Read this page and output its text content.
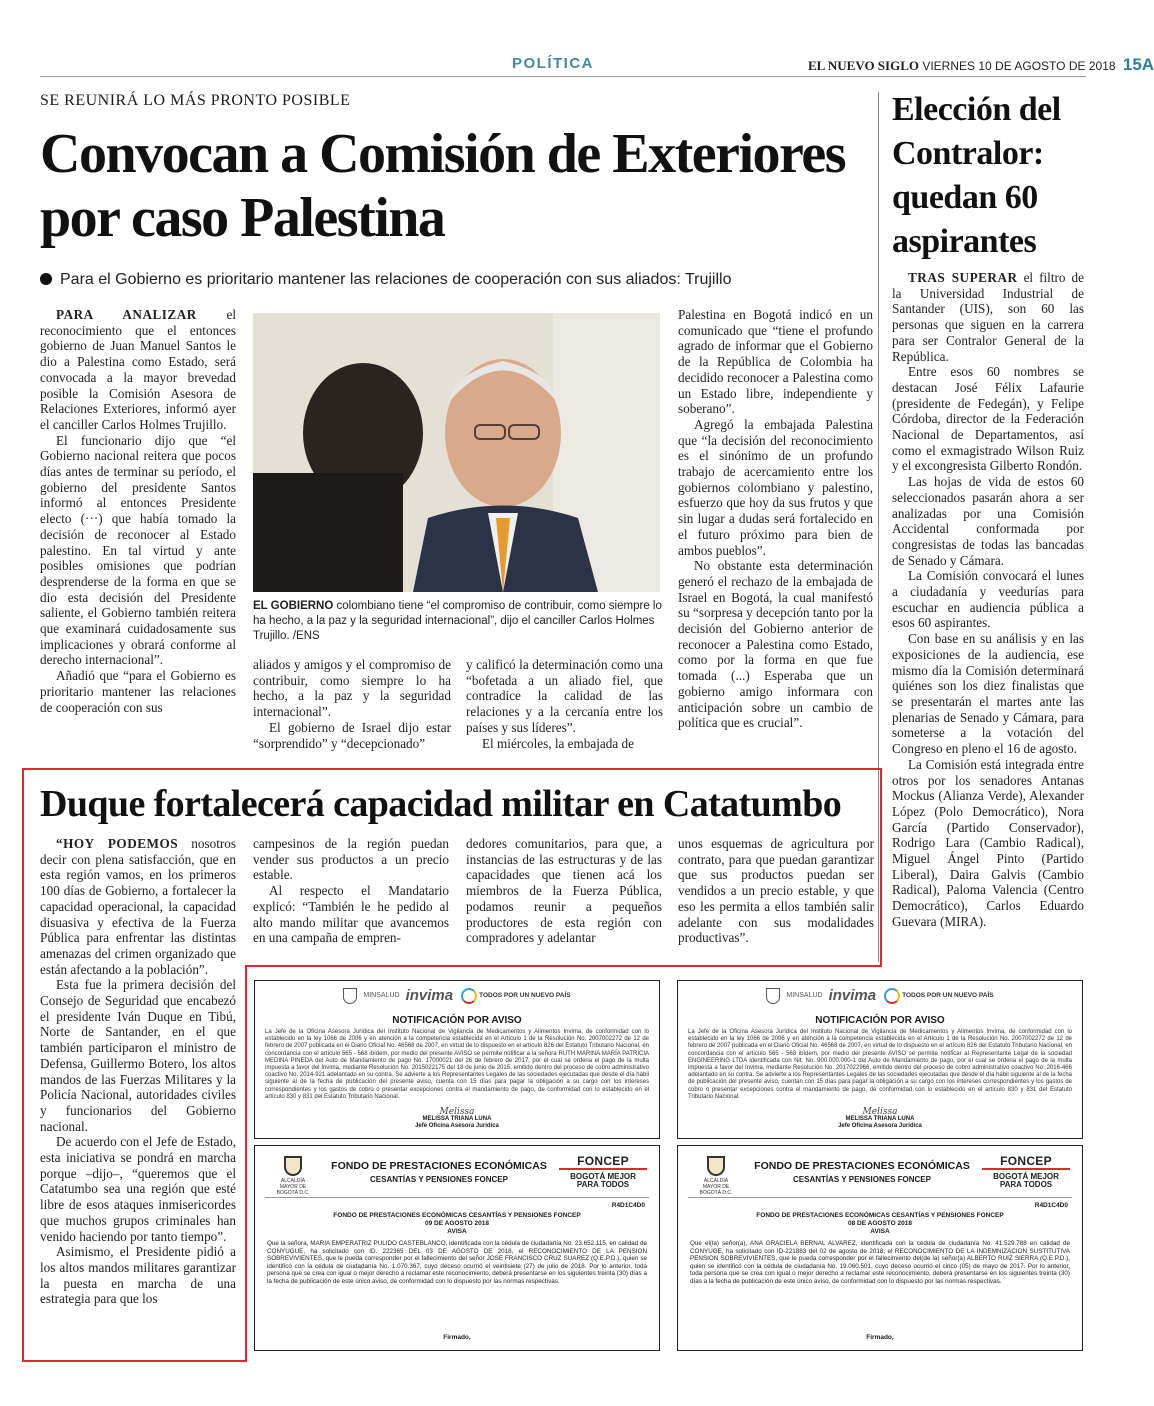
POLÍTICA	EL NUEVO SIGLO VIERNES 10 DE AGOSTO DE 2018 15A
SE REUNIRÁ LO MÁS PRONTO POSIBLE
Convocan a Comisión de Exteriores por caso Palestina
Para el Gobierno es prioritario mantener las relaciones de cooperación con sus aliados: Trujillo

PARA ANALIZAR el reconocimiento que el entonces gobierno de Juan Manuel Santos le dio a Palestina como Estado, será convocada a la mayor brevedad posible la Comisión Asesora de Relaciones Exteriores, informó ayer el canciller Carlos Holmes Trujillo.

El funcionario dijo que “el Gobierno nacional reitera que pocos días antes de terminar su período, el gobierno del presidente Santos informó al entonces Presidente electo (···) que había tomado la decisión de reconocer al Estado palestino. En tal virtud y ante posibles omisiones que podrían desprenderse de la forma en que se dio esta decisión del Presidente saliente, el Gobierno también reitera que examinará cuidadosamente sus implicaciones y obrará conforme al derecho internacional”.

Añadió que “para el Gobierno es prioritario mantener las relaciones de cooperación con sus

EL GOBIERNO colombiano tiene “el compromiso de contribuir, como siempre lo ha hecho, a la paz y la seguridad internacional”, dijo el canciller Carlos Holmes Trujillo. /ENS

aliados y amigos y el compromiso de contribuir, como siempre lo ha hecho, a la paz y la seguridad internacional”.

El gobierno de Israel dijo estar “sorprendido” y “decepcionado”

y calificó la determinación como una “bofetada a un aliado fiel, que contradice la calidad de las relaciones y a la cercanía entre los países y sus líderes”.

El miércoles, la embajada de

Palestina en Bogotá indicó en un comunicado que “tiene el profundo agrado de informar que el Gobierno de la República de Colombia ha decidido reconocer a Palestina como un Estado libre, independiente y soberano”.

Agregó la embajada Palestina que “la decisión del reconocimiento es el sinónimo de un profundo trabajo de acercamiento entre los gobiernos colombiano y palestino, esfuerzo que hoy da sus frutos y que sin lugar a dudas será fortalecido en el futuro próximo para bien de ambos pueblos”.

No obstante esta determinación generó el rechazo de la embajada de Israel en Bogotá, la cual manifestó su “sorpresa y decepción tanto por la decisión del Gobierno anterior de reconocer a Palestina como Estado, como por la forma en que fue tomada (...) Esperaba que un gobierno amigo informara con anticipación sobre un cambio de política que es crucial”.

Elección del Contralor: quedan 60 aspirantes

TRAS SUPERAR el filtro de la Universidad Industrial de Santander (UIS), son 60 las personas que siguen en la carrera para ser Contralor General de la República.

Entre esos 60 nombres se destacan José Félix Lafaurie (presidente de Fedegán), y Felipe Córdoba, director de la Federación Nacional de Departamentos, así como el exmagistrado Wilson Ruiz y el excongresista Gilberto Rondón.

Las hojas de vida de estos 60 seleccionados pasarán ahora a ser analizadas por una Comisión Accidental conformada por congresistas de todas las bancadas de Senado y Cámara.

La Comisión convocará el lunes a ciudadanía y veedurías para escuchar en audiencia pública a esos 60 aspirantes.

Con base en su análisis y en las exposiciones de la audiencia, ese mismo día la Comisión determinará quiénes son los diez finalistas que se presentarán el martes ante las plenarias de Senado y Cámara, para someterse a la votación del Congreso en pleno el 16 de agosto.

La Comisión está integrada entre otros por los senadores Antanas Mockus (Alianza Verde), Alexander López (Polo Democrático), Nora García (Partido Conservador), Rodrigo Lara (Cambio Radical), Miguel Ángel Pinto (Partido Liberal), Daira Galvis (Cambio Radical), Paloma Valencia (Centro Democrático), Carlos Eduardo Guevara (MIRA).

Duque fortalecerá capacidad militar en Catatumbo

“HOY PODEMOS nosotros decir con plena satisfacción, que en esta región vamos, en los primeros 100 días de Gobierno, a fortalecer la capacidad operacional, la capacidad disuasiva y efectiva de la Fuerza Pública para enfrentar las distintas amenazas del crimen organizado que están afectando a la población”.

Esta fue la primera decisión del Consejo de Seguridad que encabezó el presidente Iván Duque en Tibú, Norte de Santander, en el que también participaron el ministro de Defensa, Guillermo Botero, los altos mandos de las Fuerzas Militares y la Policía Nacional, autoridades civiles y funcionarios del Gobierno nacional.

De acuerdo con el Jefe de Estado, esta iniciativa se pondrá en marcha porque –dijo–, “queremos que el Catatumbo sea una región que esté libre de esos ataques inmisericordes que muchos grupos criminales han venido haciendo por tanto tiempo”.

Asimismo, el Presidente pidió a los altos mandos militares garantizar la puesta en marcha de una estrategia para que los

campesinos de la región puedan vender sus productos a un precio estable.

Al respecto el Mandatario explicó: “También le he pedido al alto mando militar que avancemos en una campaña de empren-

dedores comunitarios, para que, a instancias de las estructuras y de las capacidades que tienen acá los miembros de la Fuerza Pública, podamos reunir a pequeños productores de esta región con compradores y adelantar

unos esquemas de agricultura por contrato, para que puedan garantizar que sus productos puedan ser vendidos a un precio estable, y que eso les permita a ellos también salir adelante con sus modalidades productivas”.

MINSALUD invima	TODOS POR UN NUEVO PAÍS
NOTIFICACIÓN POR AVISO
La Jefe de la Oficina Asesora Jurídica del Instituto Nacional de Vigilancia de Medicamentos y Alimentos Invima, de conformidad con lo establecido en la ley 1066 de 2006 y en atención a la competencia establecida en el Artículo 1 de la Resolución No. 2007002272 de 12 de febrero de 2007 publicada en el Diario Oficial No. 46568 de 2007, en virtud de lo dispuesto en el artículo 826 del Estatuto Tributario Nacional, en concordancia con el artículo 565 - 568 ibídem, por medio del presente AVISO se permite notificar a la señora RUTH MARINA MARÍA PATRICIA MEDINA PINEDA del Auto de Mandamiento de pago No. 17000021 del 26 de febrero de 2017, por el cual se ordena el pago de la multa impuesta a favor del Invima, mediante Resolución No. 2015022175 del 18 de junio de 2015, emitido dentro del proceso de cobro administrativo coactivo No. 2014-921 adelantado en su contra. Se advierte a los Representantes Legales de las sociedades ejecutadas que desde el día hábil siguiente al de la fecha de publicación del presente aviso, cuenta con 15 días para pagar la obligación a su cargo con los intereses correspondientes y los gastos de cobro o presentar excepciones contra el mandamiento de pago, de conformidad con lo establecido en el artículo 830 y 831 del Estatuto Tributario Nacional.
Melissa
MELISSA TRIANA LUNA
Jefe Oficina Asesora Jurídica
MINSALUD invima	TODOS POR UN NUEVO PAÍS
NOTIFICACIÓN POR AVISO
La Jefe de la Oficina Asesora Jurídica del Instituto Nacional de Vigilancia de Medicamentos y Alimentos Invima, de conformidad con lo establecido en la ley 1066 de 2006 y en atención a la competencia establecida en el Artículo 1 de la Resolución No. 2007002272 de 12 de febrero de 2007 publicada en el Diario Oficial No. 46568 de 2007, en virtud de lo dispuesto en el artículo 826 del Estatuto Tributario Nacional, en concordancia con el artículo 565 - 568 ibídem, por medio del presente AVISO se permite notificar al Representante Legal de la sociedad ENGINEERING LTDA identificada con Nit. No. 900.000.000-1 del Auto de Mandamiento de pago, por el cual se ordena el pago de la multa impuesta a favor del Invima, mediante Resolución No. 2017022966, emitido dentro del proceso de cobro administrativo coactivo No. 2016-466 adelantado en su contra. Se advierte a los Representantes Legales de las sociedades ejecutadas que desde el día hábil siguiente al de la fecha de publicación del presente aviso, cuentan con 15 días para pagar la obligación a su cargo con los intereses correspondientes y los gastos de cobro o presentar excepciones contra el mandamiento de pago, de conformidad con lo establecido en el artículo 830 y 831 del Estatuto Tributario Nacional.
Melissa
MELISSA TRIANA LUNA
Jefe Oficina Asesora Jurídica
ALCALDÍA MAYOR DE BOGOTÁ D.C.
FONDO DE PRESTACIONES ECONÓMICAS
CESANTÍAS Y PENSIONES FONCEP
FONCEP
BOGOTÁ MEJOR PARA TODOS
R4D1C4D0
FONDO DE PRESTACIONES ECONÓMICAS CESANTÍAS Y PENSIONES FONCEP
09 DE AGOSTO 2018
AVISA
Que la señora, MARIA EMPERATRIZ PULIDO CASTEBLANCO, identificada con la cédula de ciudadanía No. 23.652.115, en calidad de CONYUGUE, ha solicitado con ID. 222365 DEL 03 DE AGOSTO DE 2018, el RECONOCIMIENTO DE LA PENSION SOBREVIVIENTES, que le pueda corresponder por el fallecimiento del señor JOSE FRANCISCO CRUZ SUAREZ (Q.E.P.D.), quien se identificó con la cédula de ciudadanía No. 1.070.367, cuyo deceso ocurrió el veintisiete (27) de julio de 2018. Por lo anterior, toda persona que se crea con igual o mejor derecho a reclamar este reconocimiento, deberá presentarse en los siguientes treinta (30) días a la fecha de publicación de este único aviso, de conformidad con lo dispuesto por las normas respectivas.
Firmado,
ALCALDÍA MAYOR DE BOGOTÁ D.C.
FONDO DE PRESTACIONES ECONÓMICAS
CESANTÍAS Y PENSIONES FONCEP
FONCEP
BOGOTÁ MEJOR PARA TODOS
R4D1C4D0
FONDO DE PRESTACIONES ECONÓMICAS CESANTÍAS Y PENSIONES FONCEP
08 DE AGOSTO 2018
AVISA
Que el(la) señor(a), ANA GRACIELA BERNAL ALVAREZ, identificada con la cédula de ciudadanía No. 41.529.788 en calidad de CONYUGE, ha solicitado con ID-221883 del 02 de agosto de 2018, el RECONOCIMIENTO DE LA INDEMNIZACION SUSTITUTIVA PENSION SOBREVIVIENTES, que le pueda corresponder por el fallecimiento del(de la) señor(a) ALBERTO RUIZ SIERRA (Q.E.P.D.), quien se identificó con la cédula de ciudadanía No. 19.060.501, cuyo deceso ocurrió el cinco (05) de mayo de 2017. Por lo anterior, toda persona que se crea con igual o mejor derecho a reclamar este reconocimiento, deberá presentarse en los siguientes treinta (30) días a la fecha de publicación de este único aviso, de conformidad con lo dispuesto por las normas respectivas.
Firmado,
